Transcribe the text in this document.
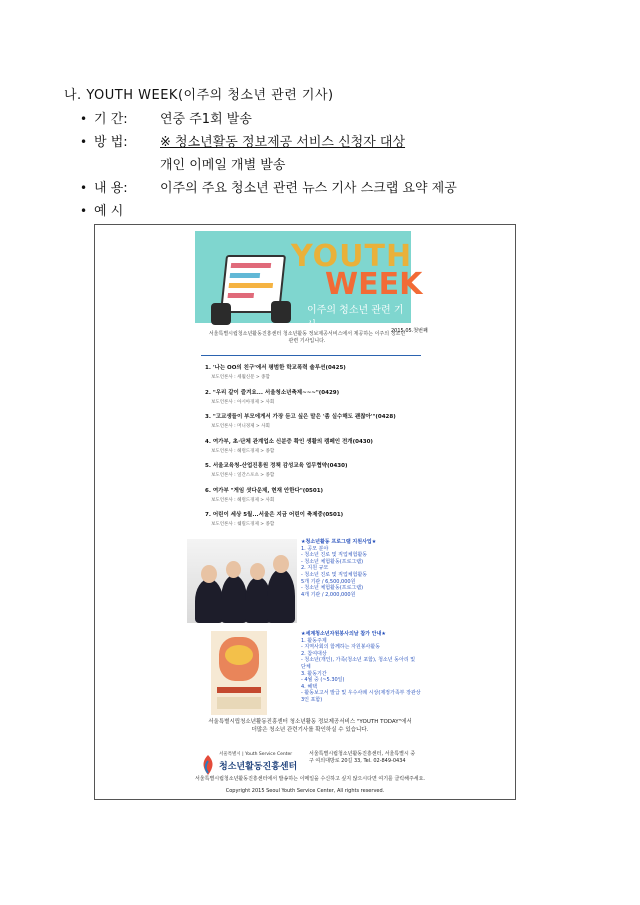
나. YOUTH WEEK(이주의 청소년 관련 기사)
• 기 간:	연중 주1회 발송
• 방 법:	※ 청소년활동 정보제공 서비스 신청자 대상
개인 이메일 개별 발송
• 내 용:	이주의 주요 청소년 관련 뉴스 기사 스크랩 요약 제공
• 예 시
YOUTH
WEEK
이주의 청소년 관련 기사	2015.05.첫번째
서울특별시립청소년활동진흥센터 청소년활동 정보제공서비스에서 제공하는 이주의 청소년 관련 기사입니다.
1. '나는 OO의 친구'에서 평범한 학교폭력 솔루션(0425)
보도언론사 : 세월신문 > 종합
2. "우리 같이 즐겨요... 서울청소년축제~~~"(0429)
보도언론사 : 아시아경제 > 사회
3. "고교생들이 부모에게서 가장 듣고 싶은 말은 '좀 실수해도 괜찮아'"(0428)
보도언론사 : 머니경제 > 사회
4. 여가부, 초·단체 관계업소 신분증 확인 생활의 캠페인 전개(0430)
보도언론사 : 헤럴드경제 > 종합
5. 서울교육청-산업진흥원 정책 감성교육 업무협약(0430)
보도언론사 : 일간스포츠 > 종합
6. 여가부 "게임 셧다운제, 현재 안한다"(0501)
보도언론사 : 헤럴드경제 > 사회
7. 어린이 세상 5월...서울은 지금 어린이 축제중(0501)
보도언론사 : 쉐릴드경제 > 종합
★청소년활동 프로그램 지원사업★
1. 공모 분야
- 청소년 진로 및 직업체험활동
- 청소년 체험활동(프로그램)
2. 지원 규모
- 청소년 진로 및 직업체험활동
5개 기관 / 6,500,000원
- 청소년 체험활동(프로그램)
4개 기관 / 2,000,000원
★세계청소년자원봉사의날 참가 안내★
1. 활동주제
- 지역사회의 함께하는 자원봉사활동
2. 참여대상
- 청소년(개인), 가족(청소년 포함), 청소년 동아리 및 단체
3. 활동기간
- 4월 중 (~5.30일)
4. 혜택
- 활동보고서 발급 및 우수사례 시상(제정가족부 장관상 3인 포함)
서울특별시립청소년활동진흥센터 청소년활동 정보제공서비스 "YOUTH TODAY"에서 더많은 청소년 관련기사를 확인하실 수 있습니다.
서울특별시 | Youth Service Center
청소년활동진흥센터
서울특별시립청소년활동진흥센터, 서울특별시 중구 여의대방로 20길 33, Tel. 02-849-0434
서울특별시립청소년활동진흥센터에서 발송하는 이메일을 수신하고 싶지 않으시다면 여기를 클릭해주세요.
Copyright 2015 Seoul Youth Service Center, All rights reserved.
